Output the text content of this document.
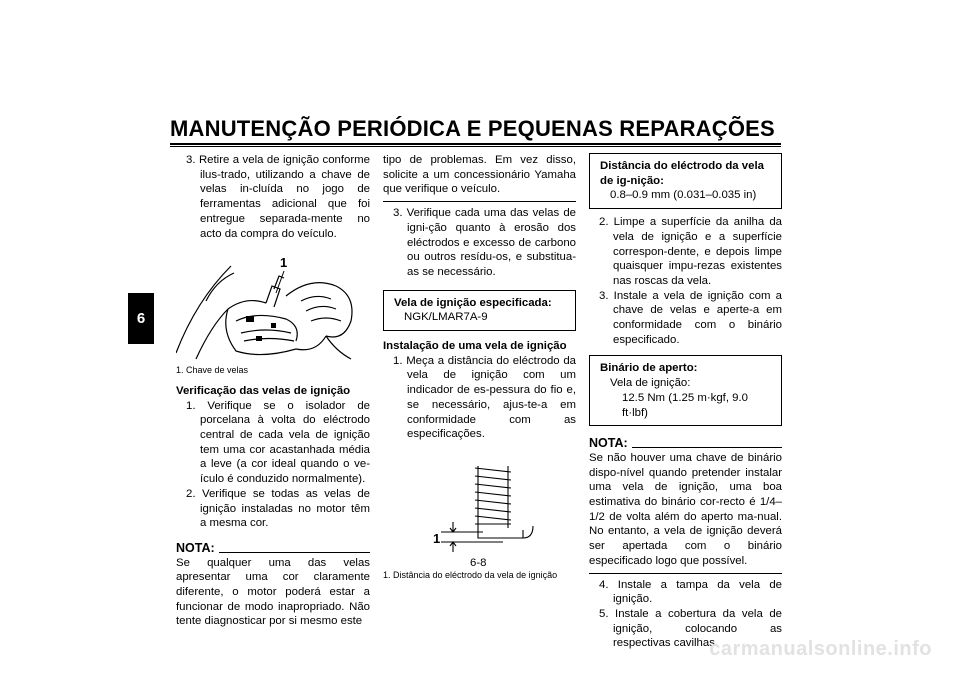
MANUTENÇÃO PERIÓDICA E PEQUENAS REPARAÇÕES
6

3. Retire a vela de ignição conforme ilus-trado, utilizando a chave de velas in-cluída no jogo de ferramentas adicional que foi entregue separada-mente no acto da compra do veículo.

1
1. Chave de velas

Verificação das velas de ignição

1. Verifique se o isolador de porcelana à volta do eléctrodo central de cada vela de ignição tem uma cor acastanhada média a leve (a cor ideal quando o ve-ículo é conduzido normalmente).

2. Verifique se todas as velas de ignição instaladas no motor têm a mesma cor.

NOTA:

Se qualquer uma das velas apresentar uma cor claramente diferente, o motor poderá estar a funcionar de modo inapropriado. Não tente diagnosticar por si mesmo este

tipo de problemas. Em vez disso, solicite a um concessionário Yamaha que verifique o veículo.

3. Verifique cada uma das velas de igni-ção quanto à erosão dos eléctrodos e excesso de carbono ou outros resídu-os, e substitua-as se necessário.

Vela de ignição especificada:
NGK/LMAR7A-9

Instalação de uma vela de ignição

1. Meça a distância do eléctrodo da vela de ignição com um indicador de es-pessura do fio e, se necessário, ajus-te-a em conformidade com as especificações.

1
1. Distância do eléctrodo da vela de ignição
Distância do eléctrodo da vela de ig-nição:
0.8–0.9 mm (0.031–0.035 in)

2. Limpe a superfície da anilha da vela de ignição e a superfície correspon-dente, e depois limpe quaisquer impu-rezas existentes nas roscas da vela.

3. Instale a vela de ignição com a chave de velas e aperte-a em conformidade com o binário especificado.

Binário de aperto:
Vela de ignição:
12.5 Nm (1.25 m·kgf, 9.0 ft·lbf)
NOTA:

Se não houver uma chave de binário dispo-nível quando pretender instalar uma vela de ignição, uma boa estimativa do binário cor-recto é 1/4–1/2 de volta além do aperto ma-nual. No entanto, a vela de ignição deverá ser apertada com o binário especificado logo que possível.

4. Instale a tampa da vela de ignição.

5. Instale a cobertura da vela de ignição, colocando as respectivas cavilhas.

6-8
carmanualsonline.info
